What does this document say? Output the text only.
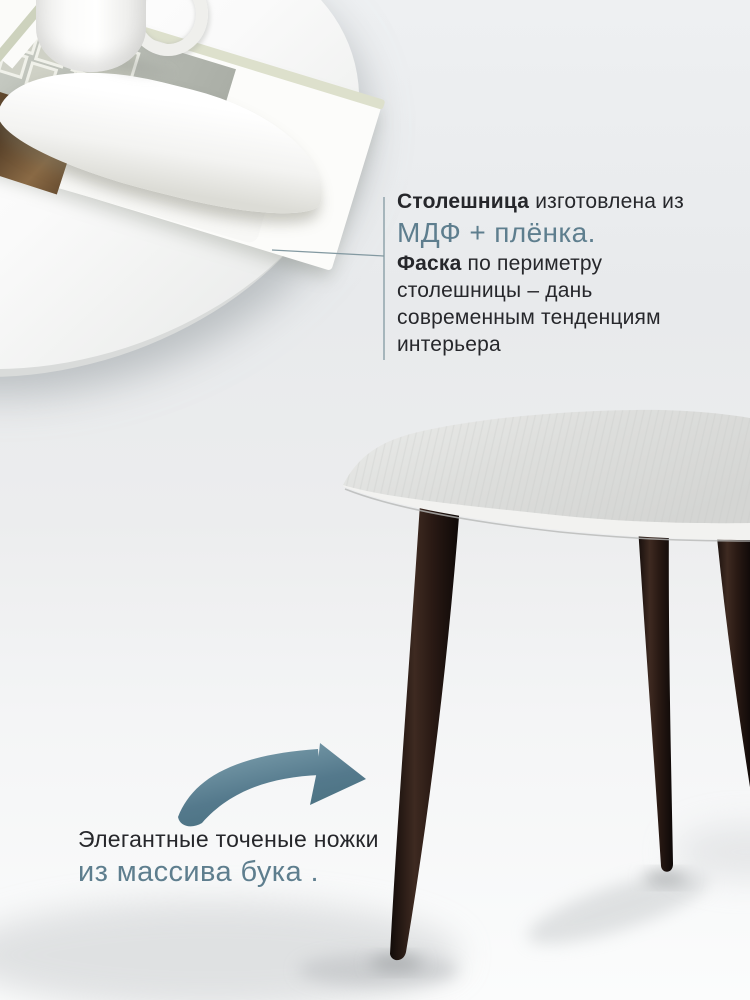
Столешница изготовлена из
МДФ + плёнка.
Фаска по периметру
столешницы – дань
современным тенденциям
интерьера
Элегантные точеные ножки
из массива бука .
